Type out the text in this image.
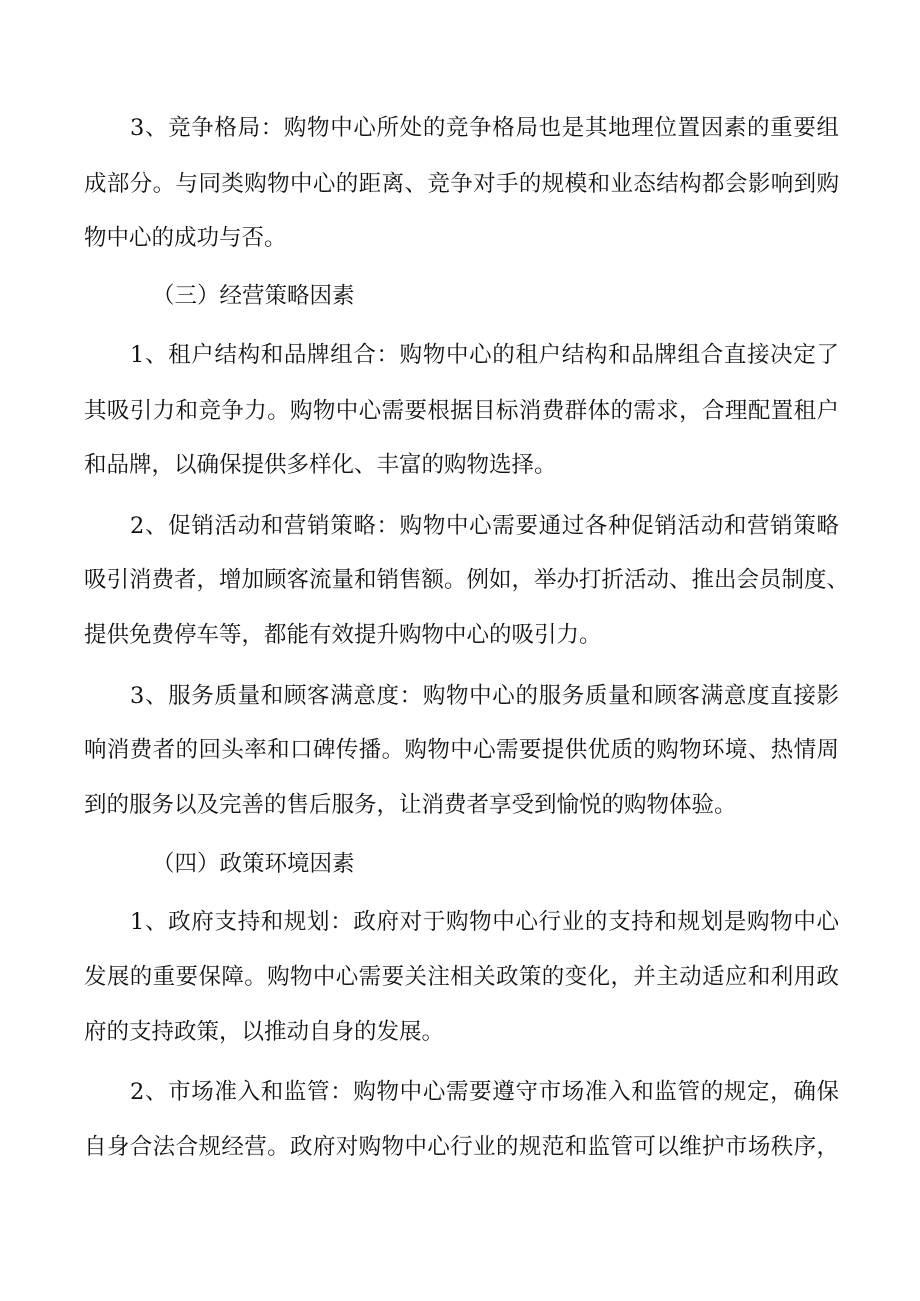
3、竞争格局：购物中心所处的竞争格局也是其地理位置因素的重要组

成部分。与同类购物中心的距离、竞争对手的规模和业态结构都会影响到购

物中心的成功与否。

（三）经营策略因素

1、租户结构和品牌组合：购物中心的租户结构和品牌组合直接决定了

其吸引力和竞争力。购物中心需要根据目标消费群体的需求，合理配置租户

和品牌，以确保提供多样化、丰富的购物选择。

2、促销活动和营销策略：购物中心需要通过各种促销活动和营销策略

吸引消费者，增加顾客流量和销售额。例如，举办打折活动、推出会员制度、

提供免费停车等，都能有效提升购物中心的吸引力。

3、服务质量和顾客满意度：购物中心的服务质量和顾客满意度直接影

响消费者的回头率和口碑传播。购物中心需要提供优质的购物环境、热情周

到的服务以及完善的售后服务，让消费者享受到愉悦的购物体验。

（四）政策环境因素

1、政府支持和规划：政府对于购物中心行业的支持和规划是购物中心

发展的重要保障。购物中心需要关注相关政策的变化，并主动适应和利用政

府的支持政策，以推动自身的发展。

2、市场准入和监管：购物中心需要遵守市场准入和监管的规定，确保

自身合法合规经营。政府对购物中心行业的规范和监管可以维护市场秩序，
